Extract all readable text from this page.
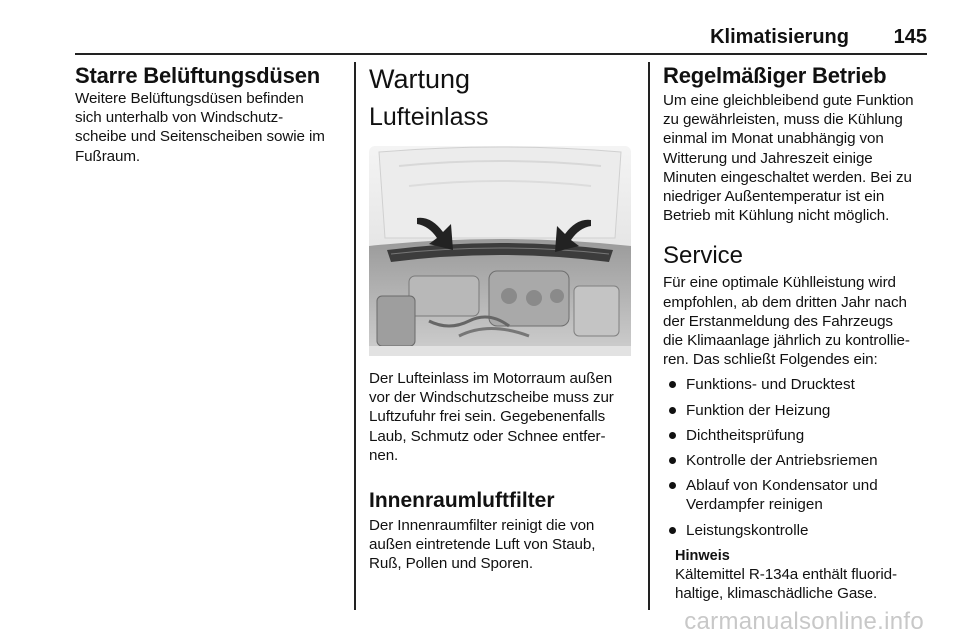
Klimatisierung 145
Starre Belüftungsdüsen

Weitere Belüftungsdüsen befinden
sich unterhalb von Windschutz-
scheibe und Seitenscheiben sowie im
Fußraum.

Wartung
Lufteinlass

Der Lufteinlass im Motorraum außen
vor der Windschutzscheibe muss zur
Luftzufuhr frei sein. Gegebenenfalls
Laub, Schmutz oder Schnee entfer-
nen.

Innenraumluftfilter

Der Innenraumfilter reinigt die von
außen eintretende Luft von Staub,
Ruß, Pollen und Sporen.

Regelmäßiger Betrieb

Um eine gleichbleibend gute Funktion
zu gewährleisten, muss die Kühlung
einmal im Monat unabhängig von
Witterung und Jahreszeit einige
Minuten eingeschaltet werden. Bei zu
niedriger Außentemperatur ist ein
Betrieb mit Kühlung nicht möglich.

Service

Für eine optimale Kühlleistung wird
empfohlen, ab dem dritten Jahr nach
der Erstanmeldung des Fahrzeugs
die Klimaanlage jährlich zu kontrollie-
ren. Das schließt Folgendes ein:

Funktions- und Drucktest
Funktion der Heizung
Dichtheitsprüfung
Kontrolle der Antriebsriemen
Ablauf von Kondensator und
Verdampfer reinigen
Leistungskontrolle
Hinweis

Kältemittel R-134a enthält fluorid-
haltige, klimaschädliche Gase.

carmanualsonline.info
